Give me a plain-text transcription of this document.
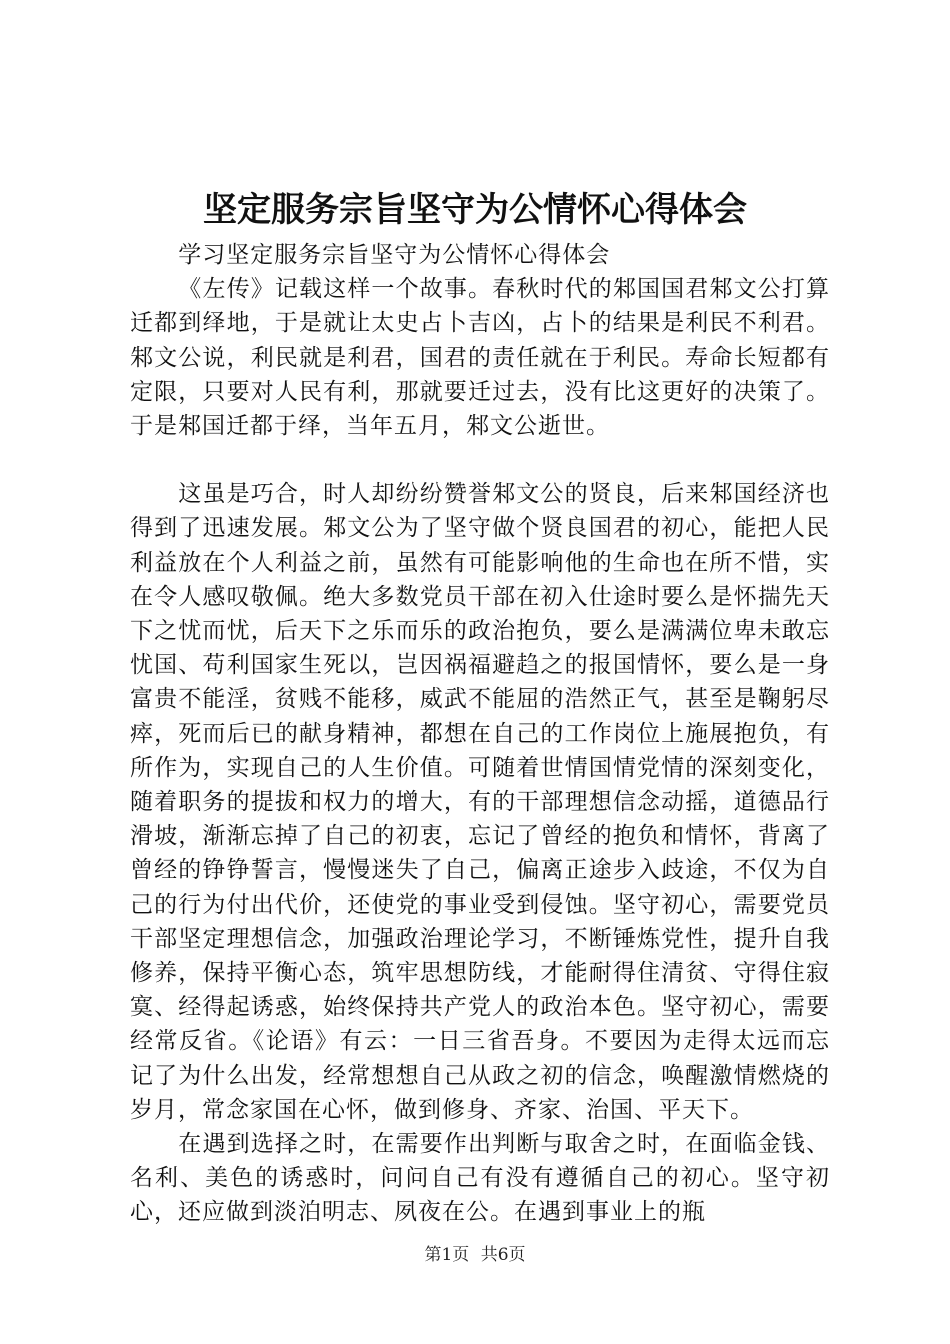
坚定服务宗旨坚守为公情怀心得体会

学习坚定服务宗旨坚守为公情怀心得体会

《左传》记载这样一个故事。春秋时代的邾国国君邾文公打算迁都到绎地，于是就让太史占卜吉凶，占卜的结果是利民不利君。邾文公说，利民就是利君，国君的责任就在于利民。寿命长短都有定限，只要对人民有利，那就要迁过去，没有比这更好的决策了。于是邾国迁都于绎，当年五月，邾文公逝世。

这虽是巧合，时人却纷纷赞誉邾文公的贤良，后来邾国经济也得到了迅速发展。邾文公为了坚守做个贤良国君的初心，能把人民利益放在个人利益之前，虽然有可能影响他的生命也在所不惜，实在令人感叹敬佩。绝大多数党员干部在初入仕途时要么是怀揣先天下之忧而忧，后天下之乐而乐的政治抱负，要么是满满位卑未敢忘忧国、苟利国家生死以，岂因祸福避趋之的报国情怀，要么是一身富贵不能淫，贫贱不能移，威武不能屈的浩然正气，甚至是鞠躬尽瘁，死而后已的献身精神，都想在自己的工作岗位上施展抱负，有所作为，实现自己的人生价值。可随着世情国情党情的深刻变化，随着职务的提拔和权力的增大，有的干部理想信念动摇，道德品行滑坡，渐渐忘掉了自己的初衷，忘记了曾经的抱负和情怀，背离了曾经的铮铮誓言，慢慢迷失了自己，偏离正途步入歧途，不仅为自己的行为付出代价，还使党的事业受到侵蚀。坚守初心，需要党员干部坚定理想信念，加强政治理论学习，不断锤炼党性，提升自我修养，保持平衡心态，筑牢思想防线，才能耐得住清贫、守得住寂寞、经得起诱惑，始终保持共产党人的政治本色。坚守初心，需要经常反省。《论语》有云：一日三省吾身。不要因为走得太远而忘记了为什么出发，经常想想自己从政之初的信念，唤醒激情燃烧的岁月，常念家国在心怀，做到修身、齐家、治国、平天下。

在遇到选择之时，在需要作出判断与取舍之时，在面临金钱、名利、美色的诱惑时，问问自己有没有遵循自己的初心。坚守初心，还应做到淡泊明志、夙夜在公。在遇到事业上的瓶

第1页 共6页
